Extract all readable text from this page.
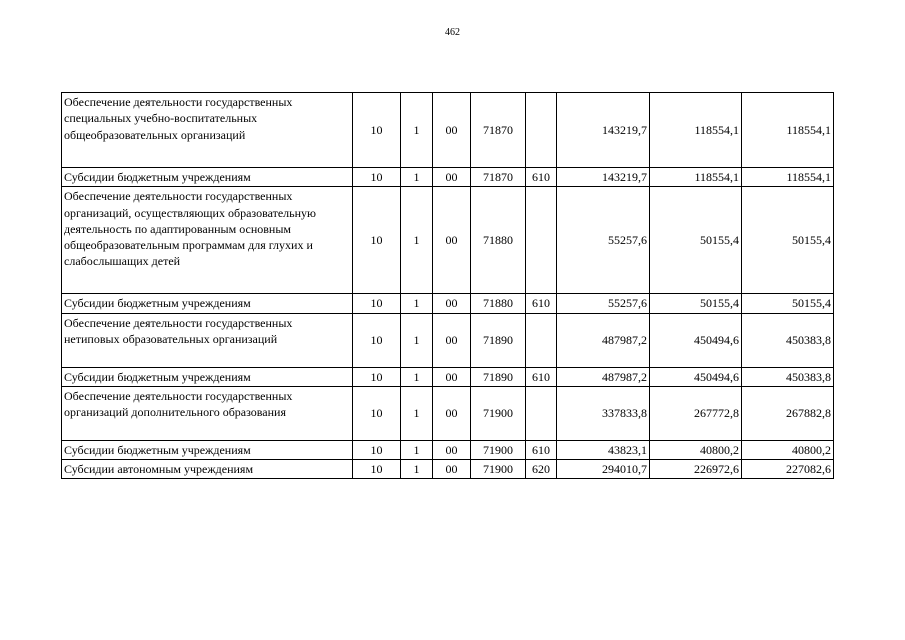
462
Обеспечение деятельности государственных специальных учебно-воспитательных общеобразовательных организаций	10	1	00	71870		143219,7	118554,1	118554,1
Субсидии бюджетным учреждениям	10	1	00	71870	610	143219,7	118554,1	118554,1
Обеспечение деятельности государственных организаций, осуществляющих образовательную деятельность по адаптированным основным общеобразовательным программам для глухих и слабослышащих детей	10	1	00	71880		55257,6	50155,4	50155,4
Субсидии бюджетным учреждениям	10	1	00	71880	610	55257,6	50155,4	50155,4
Обеспечение деятельности государственных нетиповых образовательных организаций	10	1	00	71890		487987,2	450494,6	450383,8
Субсидии бюджетным учреждениям	10	1	00	71890	610	487987,2	450494,6	450383,8
Обеспечение деятельности государственных организаций дополнительного образования	10	1	00	71900		337833,8	267772,8	267882,8
Субсидии бюджетным учреждениям	10	1	00	71900	610	43823,1	40800,2	40800,2
Субсидии автономным учреждениям	10	1	00	71900	620	294010,7	226972,6	227082,6
